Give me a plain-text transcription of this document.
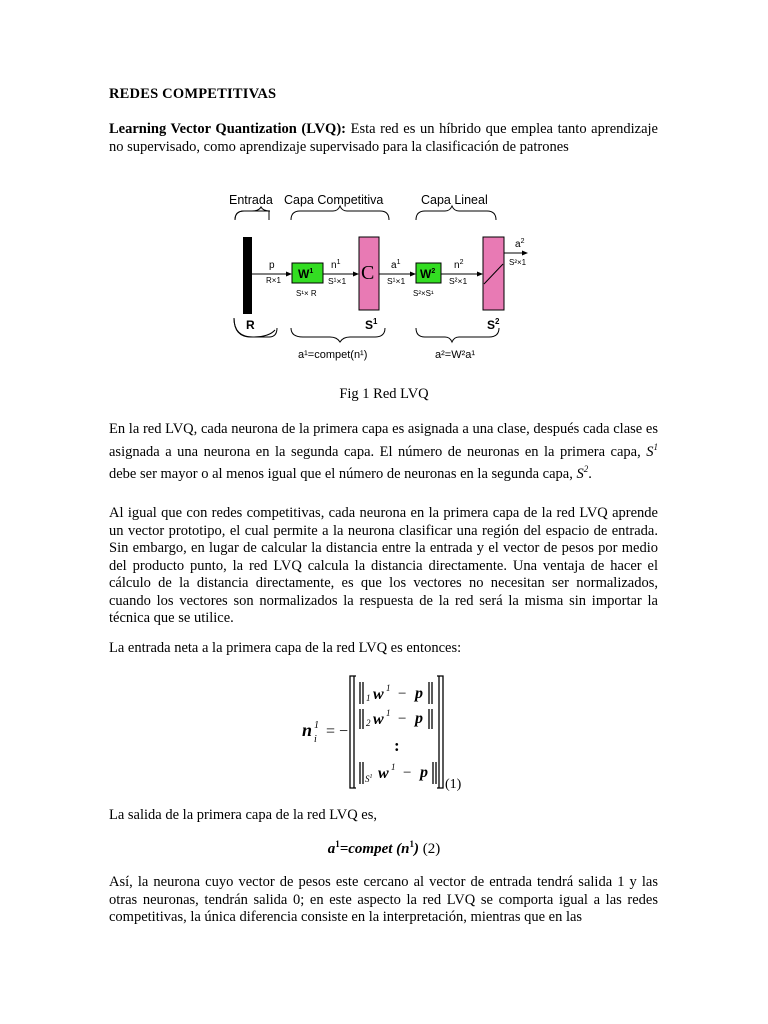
REDES COMPETITIVAS
Learning Vector Quantization (LVQ): Esta red es un híbrido que emplea tanto aprendizaje no supervisado, como aprendizaje supervisado para la clasificación de patrones
Entrada Capa Competitiva	Capa Lineal
p
R×1 $W^1$
S¹× R
$n^1$
S¹×1 C $a^1$
S¹×1 $W^2$
S²×S¹
$n^2$
S²×1
$a^2$
S²×1
R	$S^1$	$S^2$
a¹=compet(n¹)	a²=W²a¹
Fig 1 Red LVQ
En la red LVQ, cada neurona de la primera capa es asignada a una clase, después cada clase es asignada a una neurona en la segunda capa. El número de neuronas en la primera capa, $S^1$ debe ser mayor o al menos igual que el número de neuronas en la segunda capa, $S^2$.
Al igual que con redes competitivas, cada neurona en la primera capa de la red LVQ aprende un vector prototipo, el cual permite a la neurona clasificar una región del espacio de entrada. Sin embargo, en lugar de calcular la distancia entre la entrada y el vector de pesos por medio del producto punto, la red LVQ calcula la distancia directamente. Una ventaja de hacer el cálculo de la distancia directamente, es que los vectores no necesitan ser normalizados, cuando los vectores son normalizados la respuesta de la red será la misma sin importar la técnica que se utilice.
La entrada neta a la primera capa de la red LVQ es entonces:
n 1
i = −
1 w 1 − p
2 w 1 − p
:
$S^1$ w 1 − p
(1)
La salida de la primera capa de la red LVQ es,
$a^1=compet$ $(n^1)$ (2)
Así, la neurona cuyo vector de pesos este cercano al vector de entrada tendrá salida 1 y las otras neuronas, tendrán salida 0; en este aspecto la red LVQ se comporta igual a las redes competitivas, la única diferencia consiste en la interpretación, mientras que en las
